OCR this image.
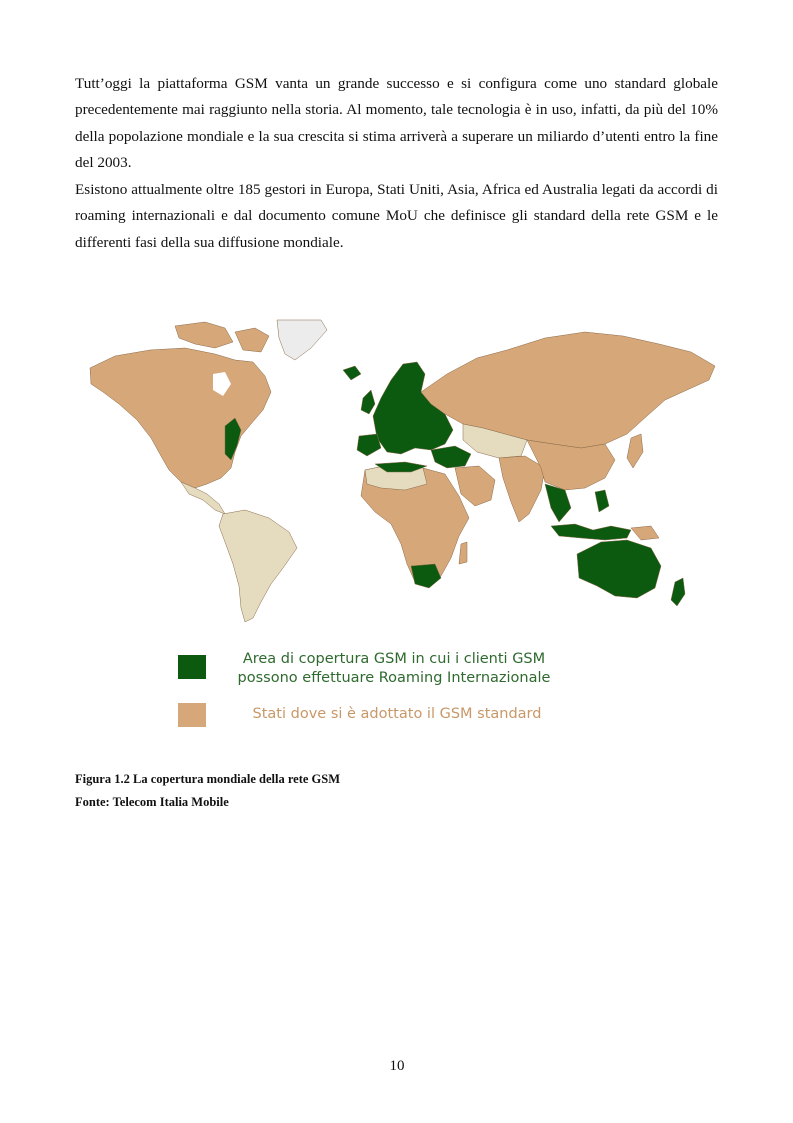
Tutt’oggi la piattaforma GSM vanta un grande successo e si configura come uno standard globale precedentemente mai raggiunto nella storia. Al momento, tale tecnologia è in uso, infatti, da più del 10% della popolazione mondiale e la sua crescita si stima arriverà a superare un miliardo d’utenti entro la fine del 2003.

Esistono attualmente oltre 185 gestori in Europa, Stati Uniti, Asia, Africa ed Australia legati da accordi di roaming internazionali e dal documento comune MoU che definisce gli standard della rete GSM e le differenti fasi della sua diffusione mondiale.

Area di copertura GSM in cui i clienti GSM
possono effettuare Roaming Internazionale
Stati dove si è adottato il GSM standard

Figura 1.2 La copertura mondiale della rete GSM

Fonte: Telecom Italia Mobile

10
